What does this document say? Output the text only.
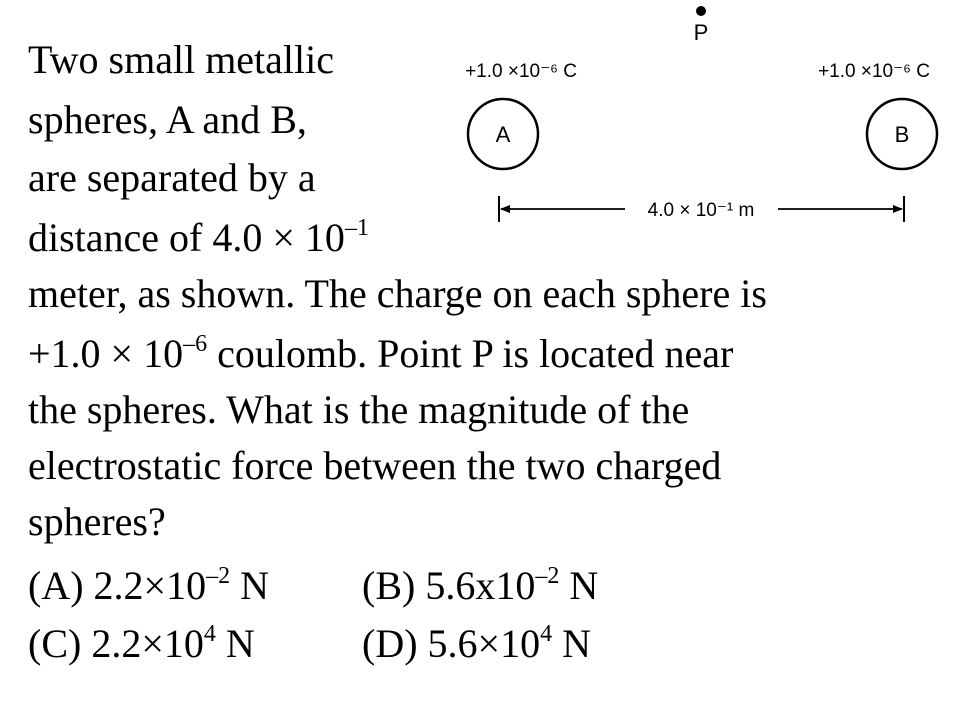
P
+1.0 ×10⁻⁶ C	+1.0 ×10⁻⁶ C
A	B
4.0 × 10⁻¹ m
Two small metallic
spheres, A and B,
are separated by a
distance of $4.0 \times 10^{-1}$
meter, as shown. The charge on each sphere is
$+1.0 \times 10^{-6}$ coulomb. Point P is located near
the spheres. What is the magnitude of the
electrostatic force between the two charged
spheres?
(A) $2.2\times 10^{-2}$ N (B) $5.6x10^{-2}$ N
(C) $2.2\times 10^4$ N	(D) $5.6\times 10^4$ N
